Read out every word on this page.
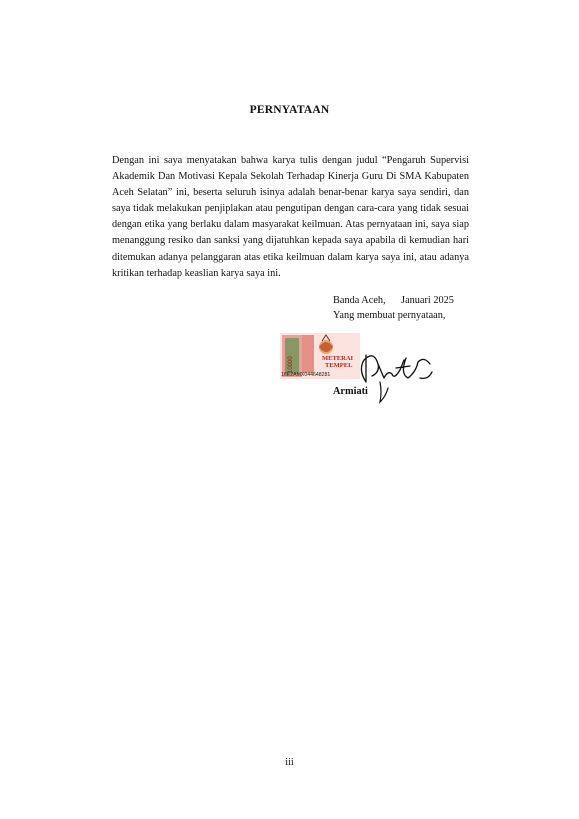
PERNYATAAN
Dengan ini saya menyatakan bahwa karya tulis dengan judul “Pengaruh Supervisi Akademik Dan Motivasi Kepala Sekolah Terhadap Kinerja Guru Di SMA Kabupaten Aceh Selatan” ini, beserta seluruh isinya adalah benar-benar karya saya sendiri, dan saya tidak melakukan penjiplakan atau pengutipan dengan cara-cara yang tidak sesuai dengan etika yang berlaku dalam masyarakat keilmuan. Atas pernyataan ini, saya siap menanggung resiko dan sanksi yang dijatuhkan kepada saya apabila di kemudian hari ditemukan adanya pelanggaran atas etika keilmuan dalam karya saya ini, atau adanya kritikan terhadap keaslian karya saya ini.
Banda Aceh,      Januari 2025
Yang membuat pernyataan,
10000	METERAI
TEMPEL
16E2AMX044648281
Armiati
iii
